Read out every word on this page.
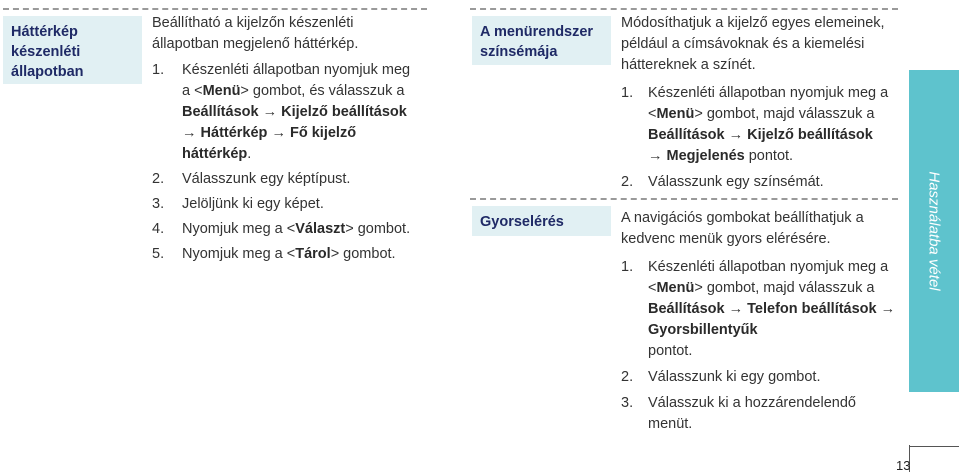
Háttérkép
készenléti
állapotban

Beállítható a kijelzőn készenléti állapotban megjelenő háttérkép.

1.	Készenléti állapotban nyomjuk meg a <Menü> gombot, és válasszuk a
Beállítások → Kijelző beállítások
→ Háttérkép → Fő kijelző háttérkép.
2.	Válasszunk egy képtípust.
3.	Jelöljünk ki egy képet.
4.	Nyomjuk meg a <Választ> gombot.
5.	Nyomjuk meg a <Tárol> gombot.
A menürendszer
színsémája

Módosíthatjuk a kijelző egyes elemeinek, például a címsávoknak és a kiemelési háttereknek a színét.

1.	Készenléti állapotban nyomjuk meg a <Menü> gombot, majd válasszuk a Beállítások → Kijelző beállítások
→ Megjelenés pontot.
2.	Válasszunk egy színsémát.
Gyorselérés	A navigációs gombokat beállíthatjuk a kedvenc menük gyors elérésére.

1.	Készenléti állapotban nyomjuk meg a <Menü> gombot, majd válasszuk a Beállítások → Telefon beállítások → Gyorsbillentyűk
pontot.
2.	Válasszunk ki egy gombot.
3.	Válasszuk ki a hozzárendelendő menüt.
Használatba vétel
13
